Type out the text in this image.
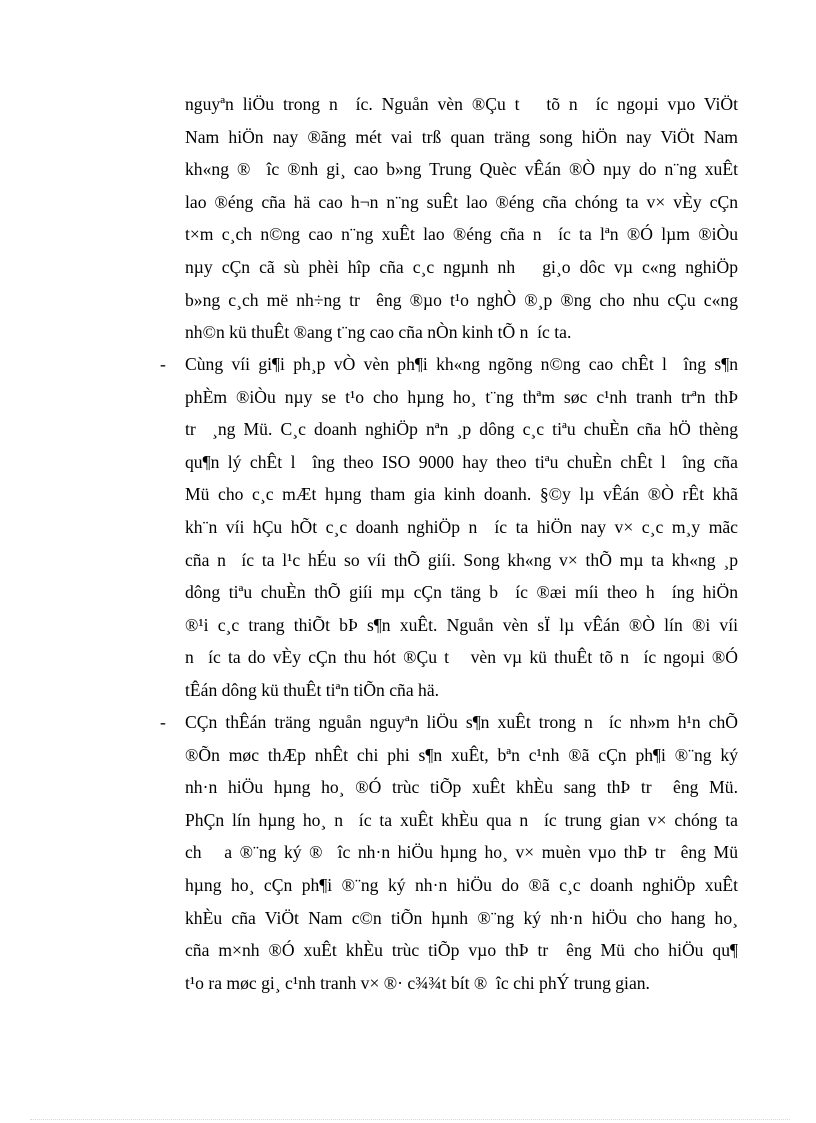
nguyªn liÖu trong n  íc. Nguån vèn ®Çu t   tõ n  íc ngoµi vµo ViÖt
Nam hiÖn nay ®ãng mét vai trß quan träng song hiÖn nay ViÖt Nam
kh«ng ®  îc ®nh gi¸ cao b»ng Trung Quèc vÊán ®Ò nµy do n¨ng xuÊt
lao ®éng cña hä cao h¬n n¨ng suÊt lao ®éng cña chóng ta v× vÈy cÇn
t×m c¸ch n©ng cao n¨ng xuÊt lao ®éng cña n  íc ta lªn ®Ó lµm ®iÒu
nµy cÇn cã sù phèi hîp cña c¸c ngµnh nh   gi¸o dôc vµ c«ng nghiÖp
b»ng c¸ch më nh÷ng tr  êng ®µo t¹o nghÒ ®¸p ®ng cho nhu cÇu c«ng
nh©n kü thuÊt ®ang t¨ng cao cña nÒn kinh tÕ n  íc ta.
- Cùng víi gi¶i ph¸p vÒ vèn ph¶i kh«ng ngõng n©ng cao chÊt l  îng s¶n
phÈm ®iÒu nµy se t¹o cho hµng ho¸ t¨ng thªm søc c¹nh tranh trªn thÞ
tr  ¸ng Mü. C¸c doanh nghiÖp nªn ¸p dông c¸c tiªu chuÈn cña hÖ thèng
qu¶n lý chÊt l  îng theo ISO 9000 hay theo tiªu chuÈn chÊt l  îng cña
Mü cho c¸c mÆt hµng tham gia kinh doanh. §©y lµ vÊán ®Ò rÊt khã
kh¨n víi hÇu hÕt c¸c doanh nghiÖp n  íc ta hiÖn nay v× c¸c m¸y mãc
cña n  íc ta l¹c hÉu so víi thÕ giíi. Song kh«ng v× thÕ mµ ta kh«ng ¸p
dông tiªu chuÈn thÕ giíi mµ cÇn täng b  íc ®æi míi theo h  íng hiÖn
®¹i c¸c trang thiÕt bÞ s¶n xuÊt. Nguån vèn sÏ lµ vÊán ®Ò lín ®i víi
n  íc ta do vÈy cÇn thu hót ®Çu t   vèn vµ kü thuÊt tõ n  íc ngoµi ®Ó
tÊán dông kü thuÊt tiªn tiÕn cña hä.
- CÇn thÊán träng nguån nguyªn liÖu s¶n xuÊt trong n  íc nh»m h¹n chÕ
®Õn møc thÆp nhÊt chi phi s¶n xuÊt, bªn c¹nh ®ã cÇn ph¶i ®¨ng ký
nh·n hiÖu hµng ho¸ ®Ó trùc tiÕp xuÊt khÈu sang thÞ tr  êng Mü.
PhÇn lín hµng ho¸ n  íc ta xuÊt khÈu qua n  íc trung gian v× chóng ta
ch   a ®¨ng ký ®  îc nh·n hiÖu hµng ho¸ v× muèn vµo thÞ tr  êng Mü
hµng ho¸ cÇn ph¶i ®¨ng ký nh·n hiÖu do ®ã c¸c doanh nghiÖp xuÊt
khÈu cña ViÖt Nam c©n tiÕn hµnh ®¨ng ký nh·n hiÖu cho hang ho¸
cña m×nh ®Ó xuÊt khÈu trùc tiÕp vµo thÞ tr  êng Mü cho hiÖu qu¶
t¹o ra møc gi¸ c¹nh tranh v× ®· c¾¾t bít ®  îc chi phÝ trung gian.
